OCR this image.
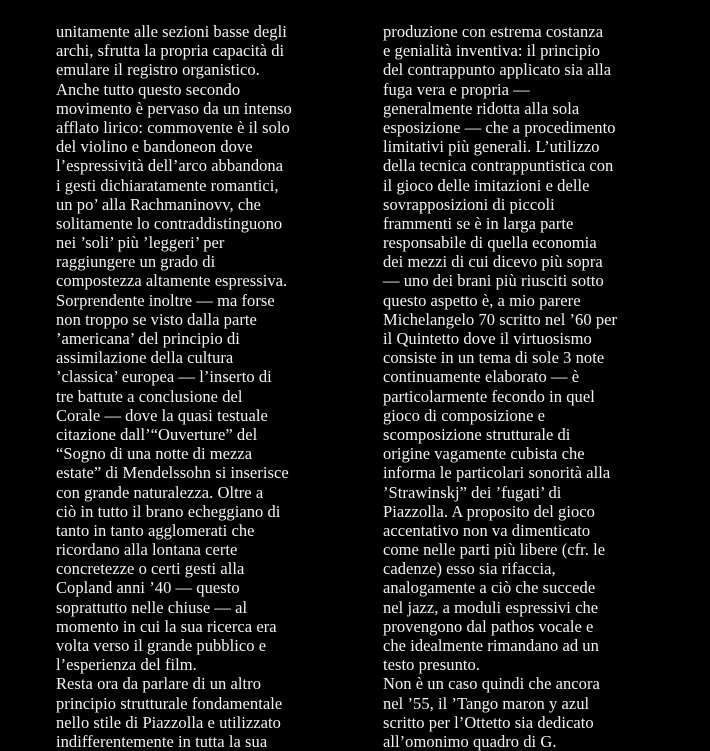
unitamente alle sezioni basse degli
archi, sfrutta la propria capacità di
emulare il registro organistico.
Anche tutto questo secondo
movimento è pervaso da un intenso
afflato lirico: commovente è il solo
del violino e bandoneon dove
l’espressività dell’arco abbandona
i gesti dichiaratamente romantici,
un po’ alla Rachmaninovv, che
solitamente lo contraddistinguono
nei ’soli’ più ’leggeri’ per
raggiungere un grado di
compostezza altamente espressiva.
Sorprendente inoltre — ma forse
non troppo se visto dalla parte
’americana’ del principio di
assimilazione della cultura
’classica’ europea — l’inserto di
tre battute a conclusione del
Corale — dove la quasi testuale
citazione dall’“Ouverture” del
“Sogno di una notte di mezza
estate” di Mendelssohn si inserisce
con grande naturalezza. Oltre a
ciò in tutto il brano echeggiano di
tanto in tanto agglomerati che
ricordano alla lontana certe
concretezze o certi gesti alla
Copland anni ’40 — questo
soprattutto nelle chiuse — al
momento in cui la sua ricerca era
volta verso il grande pubblico e
l’esperienza del film.
Resta ora da parlare di un altro
principio strutturale fondamentale
nello stile di Piazzolla e utilizzato
indifferentemente in tutta la sua
produzione con estrema costanza
e genialità inventiva: il principio
del contrappunto applicato sia alla
fuga vera e propria —
generalmente ridotta alla sola
esposizione — che a procedimento
limitativi più generali. L’utilizzo
della tecnica contrappuntistica con
il gioco delle imitazioni e delle
sovrapposizioni di piccoli
frammenti se è in larga parte
responsabile di quella economia
dei mezzi di cui dicevo più sopra
— uno dei brani più riusciti sotto
questo aspetto è, a mio parere
Michelangelo 70 scritto nel ’60 per
il Quintetto dove il virtuosismo
consiste in un tema di sole 3 note
continuamente elaborato — è
particolarmente fecondo in quel
gioco di composizione e
scomposizione strutturale di
origine vagamente cubista che
informa le particolari sonorità alla
’Strawinskj” dei ’fugati’ di
Piazzolla. A proposito del gioco
accentativo non va dimenticato
come nelle parti più libere (cfr. le
cadenze) esso sia rifaccia,
analogamente a ciò che succede
nel jazz, a moduli espressivi che
provengono dal pathos vocale e
che idealmente rimandano ad un
testo presunto.
Non è un caso quindi che ancora
nel ’55, il ’Tango maron y azul
scritto per l’Ottetto sia dedicato
all’omonimo quadro di G.
